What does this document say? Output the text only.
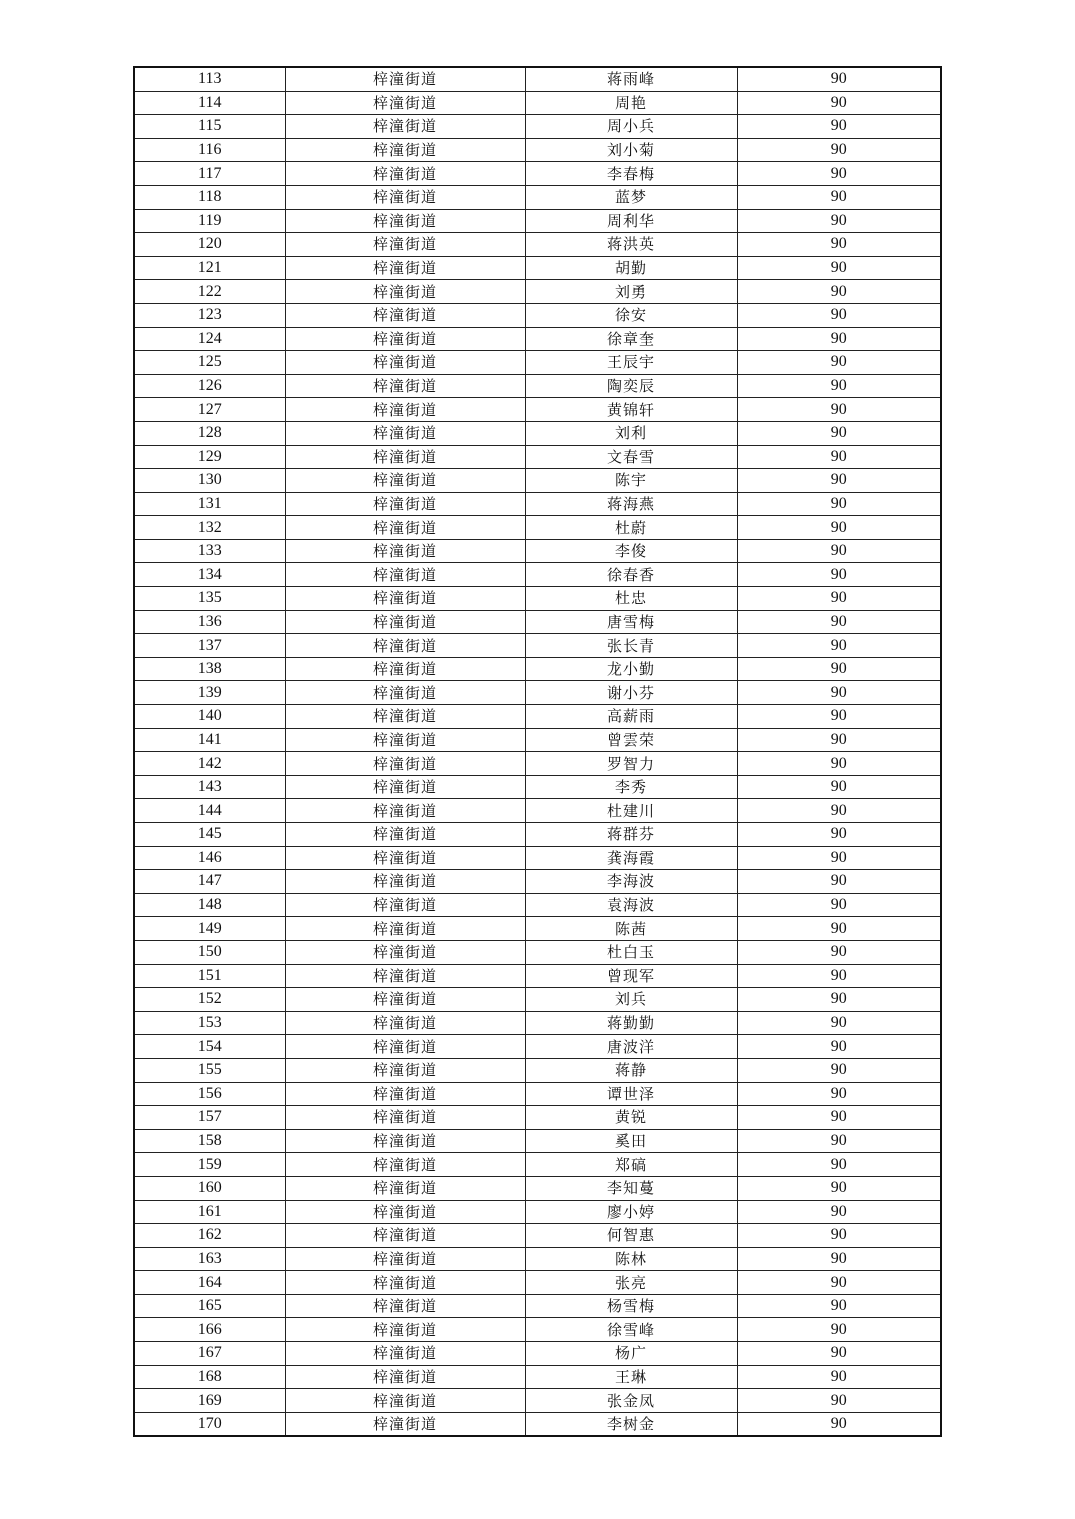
113	梓潼街道	蒋雨峰	90
114	梓潼街道	周艳	90
115	梓潼街道	周小兵	90
116	梓潼街道	刘小菊	90
117	梓潼街道	李春梅	90
118	梓潼街道	蓝梦	90
119	梓潼街道	周利华	90
120	梓潼街道	蒋洪英	90
121	梓潼街道	胡勤	90
122	梓潼街道	刘勇	90
123	梓潼街道	徐安	90
124	梓潼街道	徐章奎	90
125	梓潼街道	王辰宇	90
126	梓潼街道	陶奕辰	90
127	梓潼街道	黄锦轩	90
128	梓潼街道	刘利	90
129	梓潼街道	文春雪	90
130	梓潼街道	陈宇	90
131	梓潼街道	蒋海燕	90
132	梓潼街道	杜蔚	90
133	梓潼街道	李俊	90
134	梓潼街道	徐春香	90
135	梓潼街道	杜忠	90
136	梓潼街道	唐雪梅	90
137	梓潼街道	张长青	90
138	梓潼街道	龙小勤	90
139	梓潼街道	谢小芬	90
140	梓潼街道	高薪雨	90
141	梓潼街道	曾雲荣	90
142	梓潼街道	罗智力	90
143	梓潼街道	李秀	90
144	梓潼街道	杜建川	90
145	梓潼街道	蒋群芬	90
146	梓潼街道	龚海霞	90
147	梓潼街道	李海波	90
148	梓潼街道	袁海波	90
149	梓潼街道	陈茜	90
150	梓潼街道	杜白玉	90
151	梓潼街道	曾现军	90
152	梓潼街道	刘兵	90
153	梓潼街道	蒋勤勤	90
154	梓潼街道	唐波洋	90
155	梓潼街道	蒋静	90
156	梓潼街道	谭世泽	90
157	梓潼街道	黄锐	90
158	梓潼街道	奚田	90
159	梓潼街道	郑碻	90
160	梓潼街道	李知蔓	90
161	梓潼街道	廖小婷	90
162	梓潼街道	何智惠	90
163	梓潼街道	陈林	90
164	梓潼街道	张亮	90
165	梓潼街道	杨雪梅	90
166	梓潼街道	徐雪峰	90
167	梓潼街道	杨广	90
168	梓潼街道	王琳	90
169	梓潼街道	张金凤	90
170	梓潼街道	李树金	90
